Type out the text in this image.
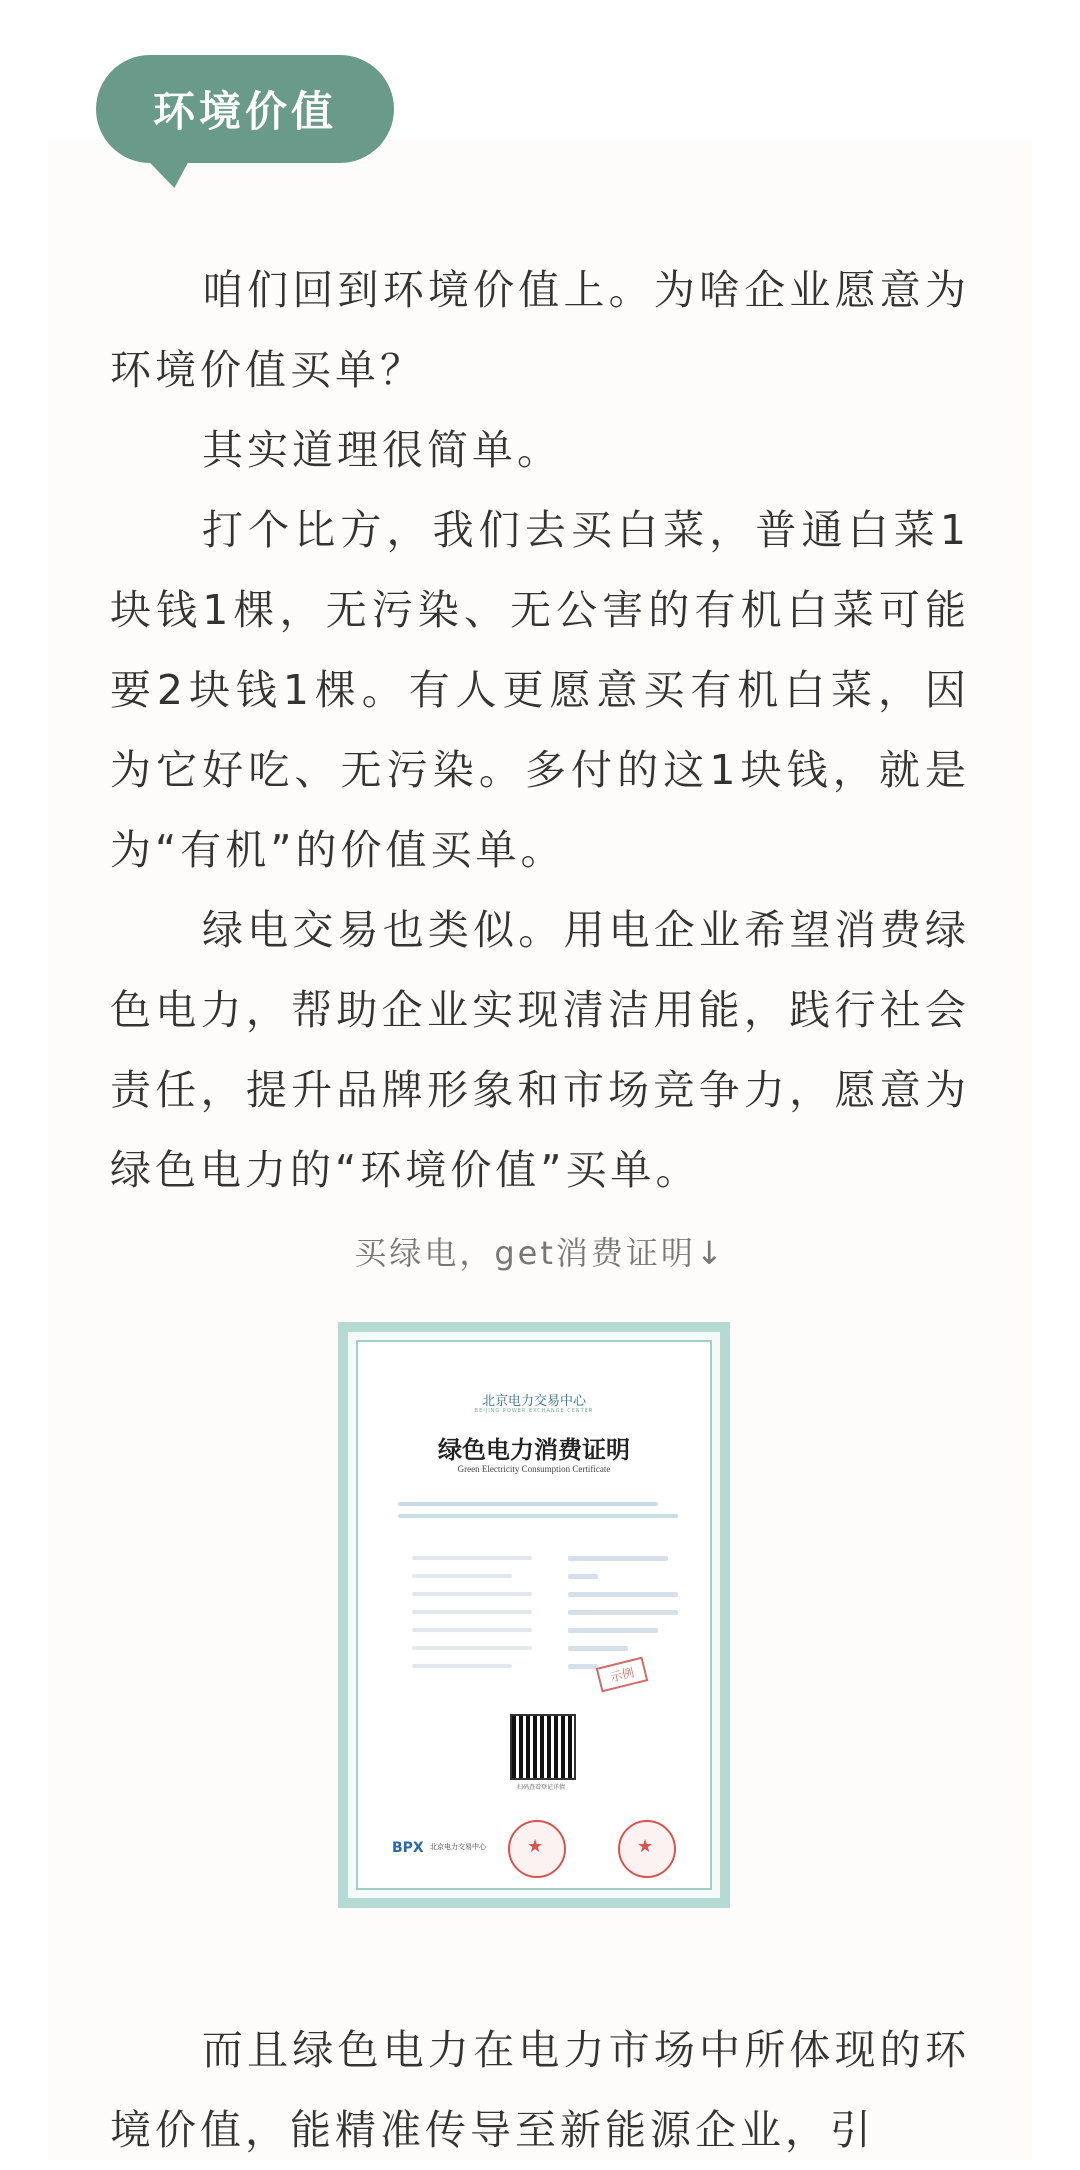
环境价值

咱们回到环境价值上。为啥企业愿意为环境价值买单？

其实道理很简单。

打个比方，我们去买白菜，普通白菜1块钱1棵，无污染、无公害的有机白菜可能要2块钱1棵。有人更愿意买有机白菜，因为它好吃、无污染。多付的这1块钱，就是为“有机”的价值买单。

绿电交易也类似。用电企业希望消费绿色电力，帮助企业实现清洁用能，践行社会责任，提升品牌形象和市场竞争力，愿意为绿色电力的“环境价值”买单。

买绿电，get消费证明↓
北京电力交易中心
BEIJING POWER EXCHANGE CENTER
绿色电力消费证明
Green Electricity Consumption Certificate
示例
扫码查看登记详情
BPX 北京电力交易中心
★
★

而且绿色电力在电力市场中所体现的环境价值，能精准传导至新能源企业，引
